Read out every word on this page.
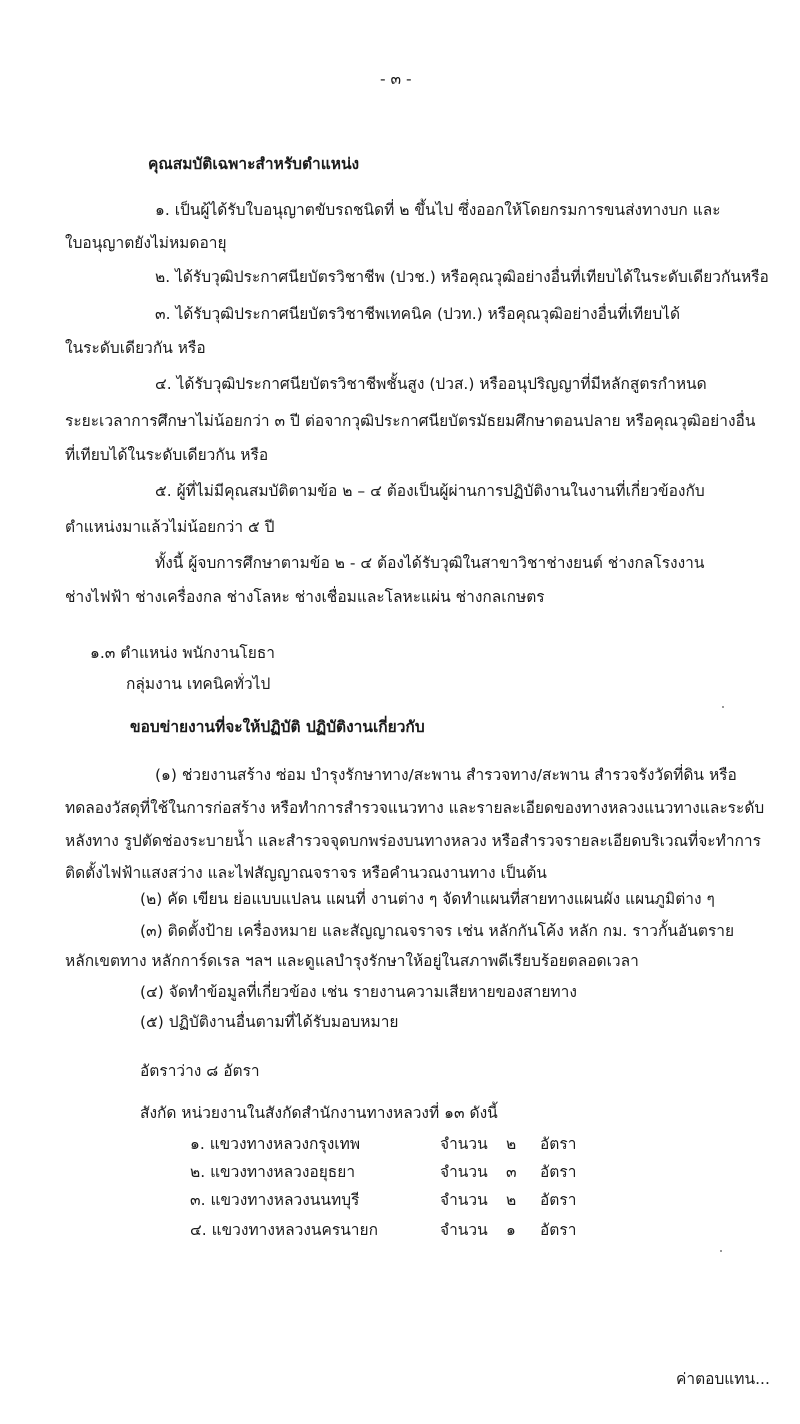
- ๓ -
คุณสมบัติเฉพาะสำหรับตำแหน่ง
๑. เป็นผู้ได้รับใบอนุญาตขับรถชนิดที่ ๒ ขึ้นไป ซึ่งออกให้โดยกรมการขนส่งทางบก และ
ใบอนุญาตยังไม่หมดอายุ
๒. ได้รับวุฒิประกาศนียบัตรวิชาชีพ (ปวช.) หรือคุณวุฒิอย่างอื่นที่เทียบได้ในระดับเดียวกันหรือ
๓. ได้รับวุฒิประกาศนียบัตรวิชาชีพเทคนิค (ปวท.) หรือคุณวุฒิอย่างอื่นที่เทียบได้
ในระดับเดียวกัน หรือ
๔. ได้รับวุฒิประกาศนียบัตรวิชาชีพชั้นสูง (ปวส.) หรืออนุปริญญาที่มีหลักสูตรกำหนด
ระยะเวลาการศึกษาไม่น้อยกว่า ๓ ปี ต่อจากวุฒิประกาศนียบัตรมัธยมศึกษาตอนปลาย หรือคุณวุฒิอย่างอื่น
ที่เทียบได้ในระดับเดียวกัน หรือ
๕. ผู้ที่ไม่มีคุณสมบัติตามข้อ ๒ – ๔ ต้องเป็นผู้ผ่านการปฏิบัติงานในงานที่เกี่ยวข้องกับ
ตำแหน่งมาแล้วไม่น้อยกว่า ๕ ปี
ทั้งนี้ ผู้จบการศึกษาตามข้อ ๒ - ๔ ต้องได้รับวุฒิในสาขาวิชาช่างยนต์ ช่างกลโรงงาน
ช่างไฟฟ้า ช่างเครื่องกล ช่างโลหะ ช่างเชื่อมและโลหะแผ่น ช่างกลเกษตร
๑.๓ ตำแหน่ง พนักงานโยธา
กลุ่มงาน เทคนิคทั่วไป
ขอบข่ายงานที่จะให้ปฏิบัติ ปฏิบัติงานเกี่ยวกับ
(๑) ช่วยงานสร้าง ซ่อม บำรุงรักษาทาง/สะพาน สำรวจทาง/สะพาน สำรวจรังวัดที่ดิน หรือ
ทดลองวัสดุที่ใช้ในการก่อสร้าง หรือทำการสำรวจแนวทาง และรายละเอียดของทางหลวงแนวทางและระดับ
หลังทาง รูปตัดช่องระบายน้ำ และสำรวจจุดบกพร่องบนทางหลวง หรือสำรวจรายละเอียดบริเวณที่จะทำการ
ติดตั้งไฟฟ้าแสงสว่าง และไฟสัญญาณจราจร หรือคำนวณงานทาง เป็นต้น
(๒) คัด เขียน ย่อแบบแปลน แผนที่ งานต่าง ๆ จัดทำแผนที่สายทางแผนผัง แผนภูมิต่าง ๆ
(๓) ติดตั้งป้าย เครื่องหมาย และสัญญาณจราจร เช่น หลักกันโค้ง หลัก กม. ราวกั้นอันตราย
หลักเขตทาง หลักการ์ดเรล ฯลฯ และดูแลบำรุงรักษาให้อยู่ในสภาพดีเรียบร้อยตลอดเวลา
(๔) จัดทำข้อมูลที่เกี่ยวข้อง เช่น รายงานความเสียหายของสายทาง
(๕) ปฏิบัติงานอื่นตามที่ได้รับมอบหมาย
อัตราว่าง ๘ อัตรา
สังกัด หน่วยงานในสังกัดสำนักงานทางหลวงที่ ๑๓ ดังนี้
๑. แขวงทางหลวงกรุงเทพ	จำนวน ๒ อัตรา
๒. แขวงทางหลวงอยุธยา	จำนวน ๓ อัตรา
๓. แขวงทางหลวงนนทบุรี	จำนวน ๒ อัตรา
๔. แขวงทางหลวงนครนายก	จำนวน ๑ อัตรา
ค่าตอบแทน...
